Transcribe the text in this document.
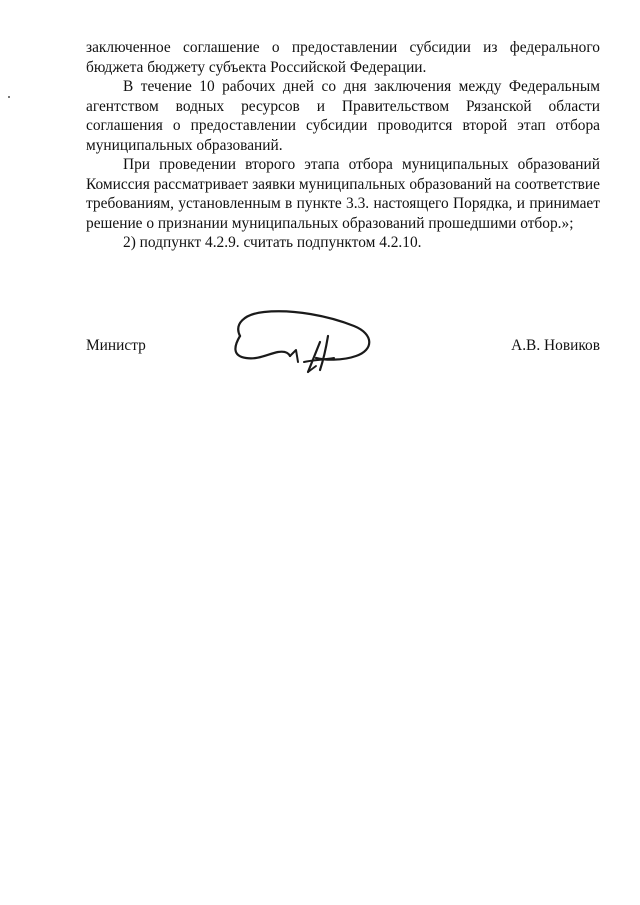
заключенное соглашение о предоставлении субсидии из федерального бюджета бюджету субъекта Российской Федерации.

В течение 10 рабочих дней со дня заключения между Федеральным агентством водных ресурсов и Правительством Рязанской области соглашения о предоставлении субсидии проводится второй этап отбора муниципальных образований.

При проведении второго этапа отбора муниципальных образований Комиссия рассматривает заявки муниципальных образований на соответствие требованиям, установленным в пункте 3.3. настоящего Порядка, и принимает решение о признании муниципальных образований прошедшими отбор.»;

2) подпункт 4.2.9. считать подпунктом 4.2.10.

Министр	А.В. Новиков
